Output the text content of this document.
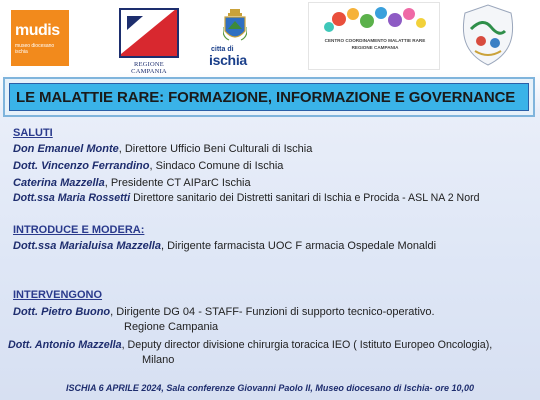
mudis
museo diocesano ischia
REGIONE CAMPANIA
citta di
ischia
CENTRO COORDINAMENTO MALATTIE RARE
REGIONE CAMPANIA
LE MALATTIE RARE: FORMAZIONE, INFORMAZIONE E GOVERNANCE
SALUTI
Don Emanuel Monte, Direttore Ufficio Beni Culturali di Ischia
Dott. Vincenzo Ferrandino, Sindaco Comune di Ischia
Caterina Mazzella, Presidente CT AIParC Ischia
Dott.ssa Maria Rossetti Direttore sanitario dei Distretti sanitari di Ischia e Procida - ASL NA 2 Nord
INTRODUCE E MODERA:
Dott.ssa Marialuisa Mazzella, Dirigente farmacista UOC F armacia Ospedale Monaldi
INTERVENGONO
Dott. Pietro Buono, Dirigente DG 04 - STAFF- Funzioni di supporto tecnico-operativo.
Regione Campania
Dott. Antonio Mazzella, Deputy director divisione chirurgia toracica IEO ( Istituto Europeo Oncologia),
Milano
ISCHIA 6 APRILE 2024, Sala conferenze Giovanni Paolo II, Museo diocesano di Ischia- ore 10,00
